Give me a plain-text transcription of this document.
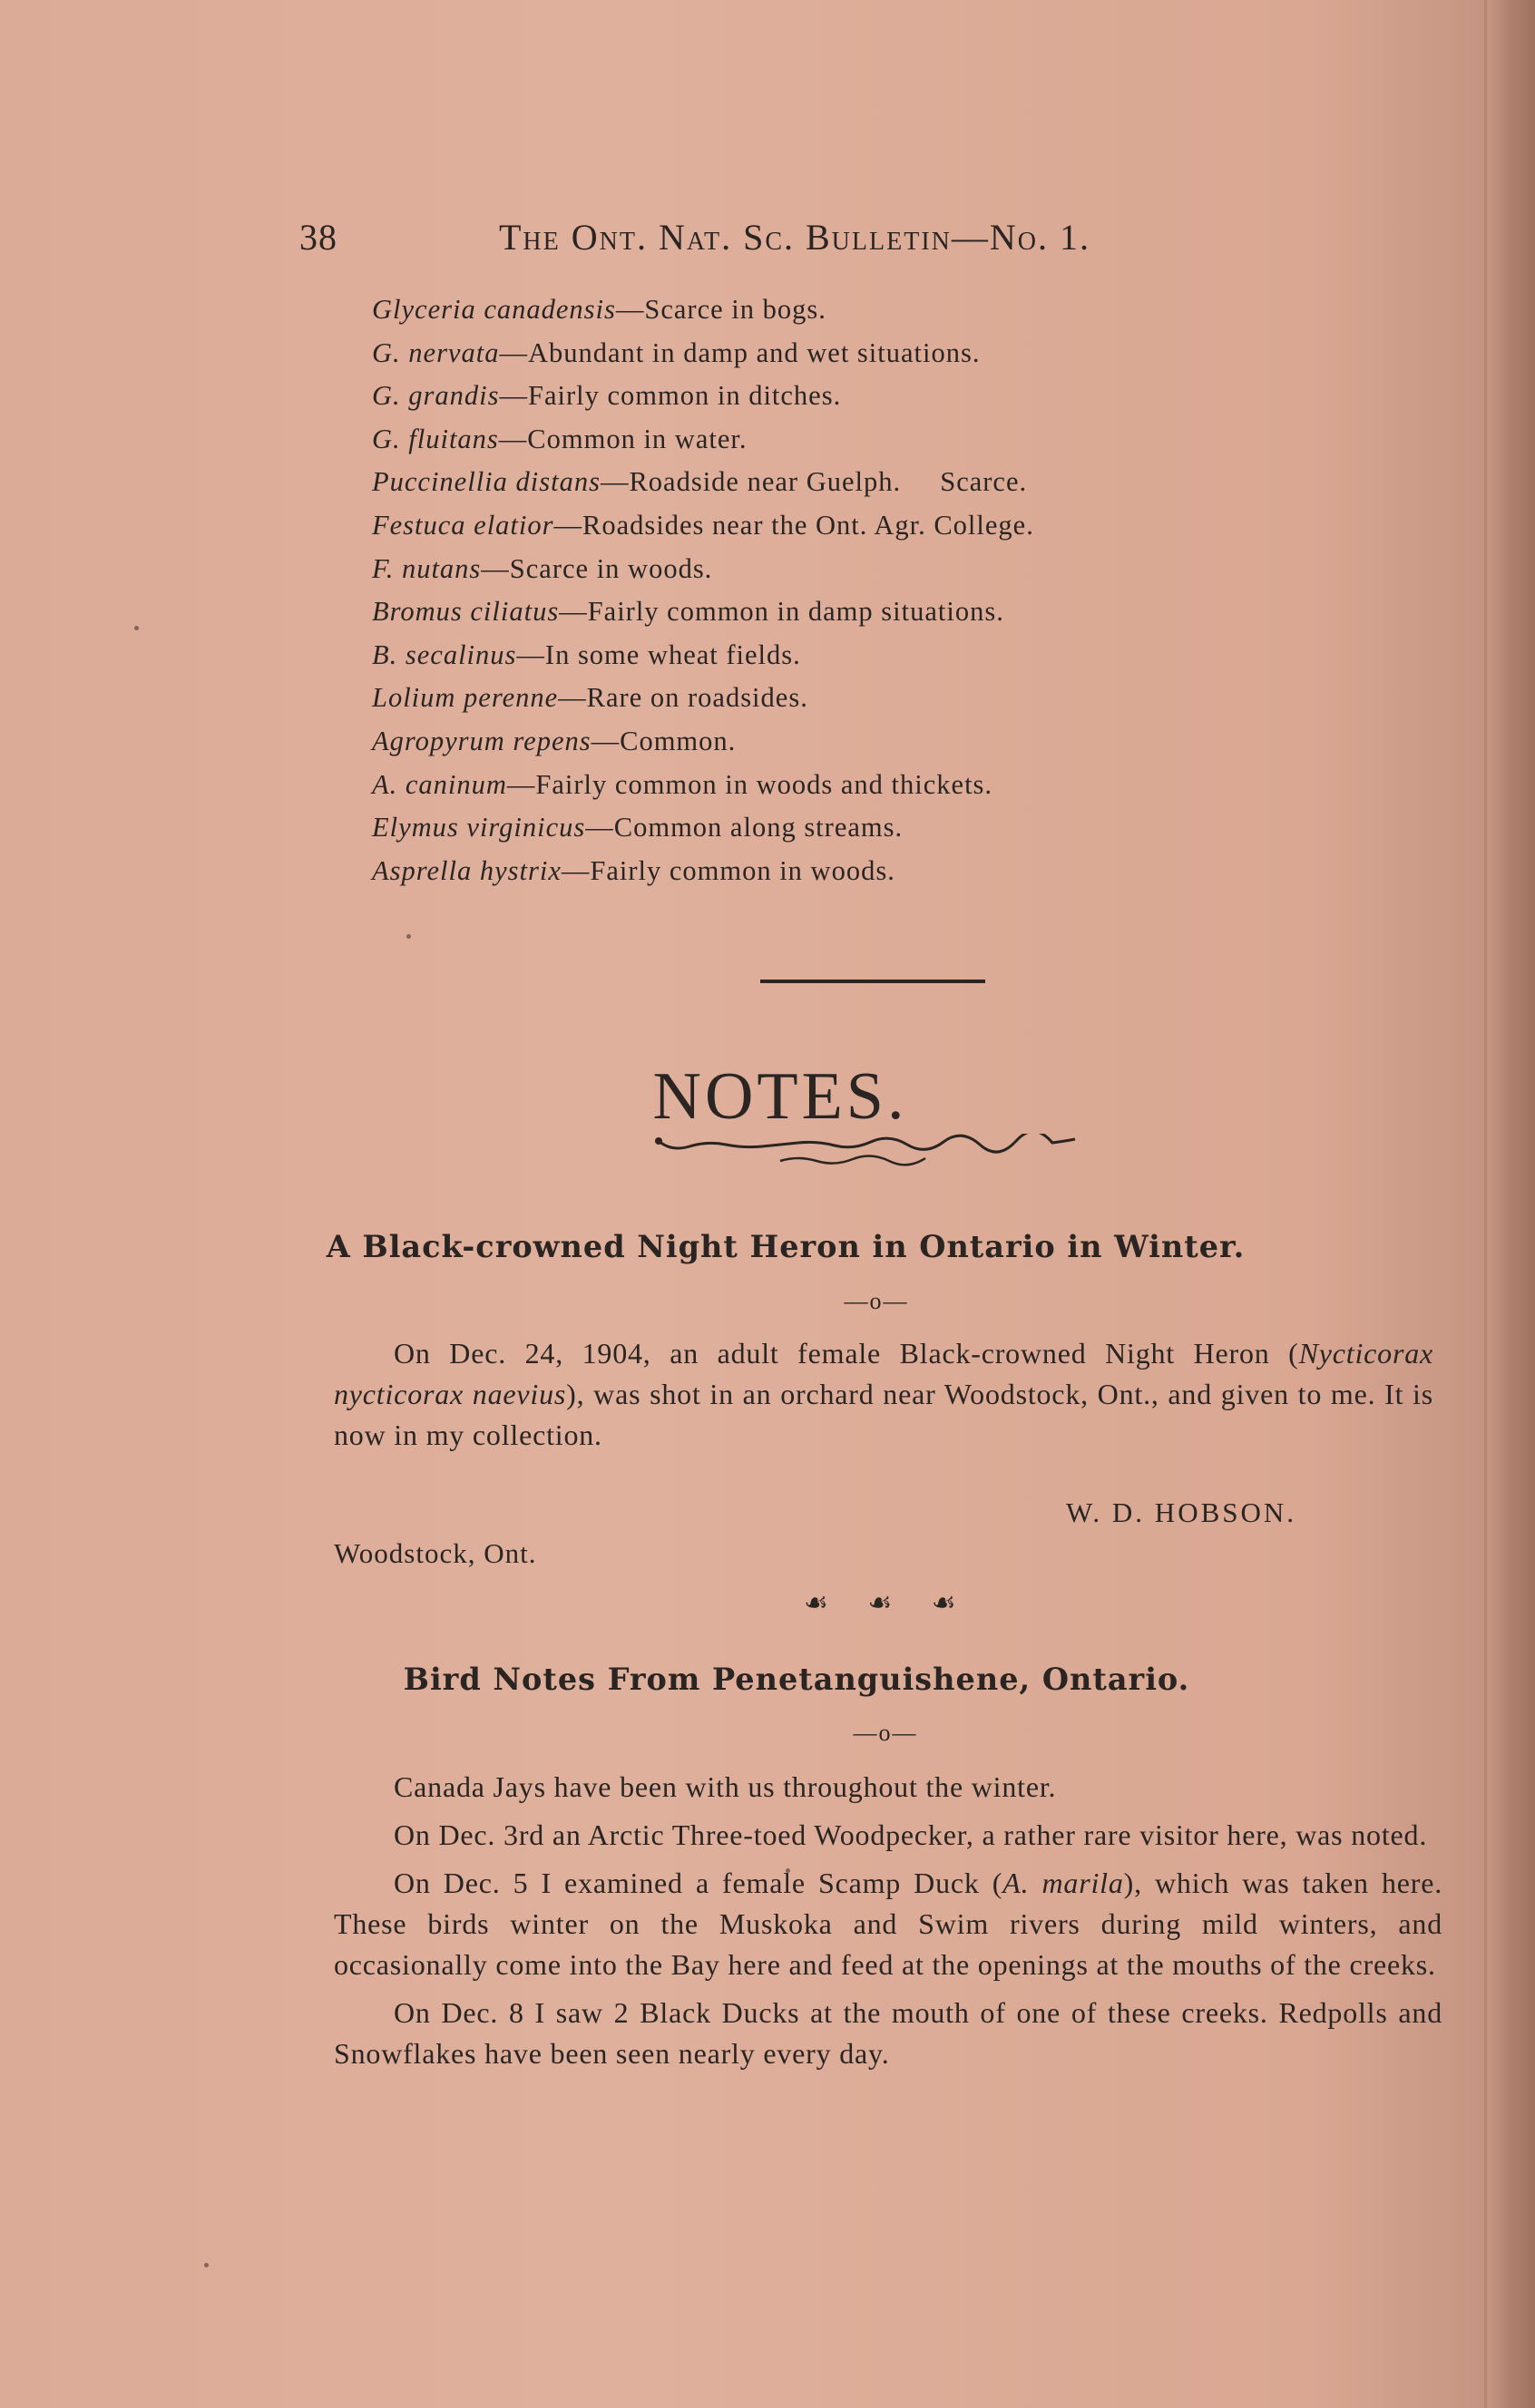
38	The Ont. Nat. Sc. Bulletin—No. 1.
Glyceria canadensis—Scarce in bogs.
G. nervata—Abundant in damp and wet situations.
G. grandis—Fairly common in ditches.
G. fluitans—Common in water.
Puccinellia distans—Roadside near Guelph.     Scarce.
Festuca elatior—Roadsides near the Ont. Agr. College.
F. nutans—Scarce in woods.
Bromus ciliatus—Fairly common in damp situations.
B. secalinus—In some wheat fields.
Lolium perenne—Rare on roadsides.
Agropyrum repens—Common.
A. caninum—Fairly common in woods and thickets.
Elymus virginicus—Common along streams.
Asprella hystrix—Fairly common in woods.
NOTES.
A Black-crowned Night Heron in Ontario in Winter.
—o—

On Dec. 24, 1904, an adult female Black-crowned Night Heron (Nycticorax nycticorax naevius), was shot in an orchard near Woodstock, Ont., and given to me. It is now in my collection.

W. D. HOBSON.
Woodstock, Ont.
☙ ☙ ☙
Bird Notes From Penetanguishene, Ontario.
—o—

Canada Jays have been with us throughout the winter.

On Dec. 3rd an Arctic Three-toed Woodpecker, a rather rare visitor here, was noted.

On Dec. 5 I examined a female Scamp Duck (A. marila), which was taken here. These birds winter on the Muskoka and Swim rivers during mild winters, and occasionally come into the Bay here and feed at the openings at the mouths of the creeks.

On Dec. 8 I saw 2 Black Ducks at the mouth of one of these creeks. Redpolls and Snowflakes have been seen nearly every day.
